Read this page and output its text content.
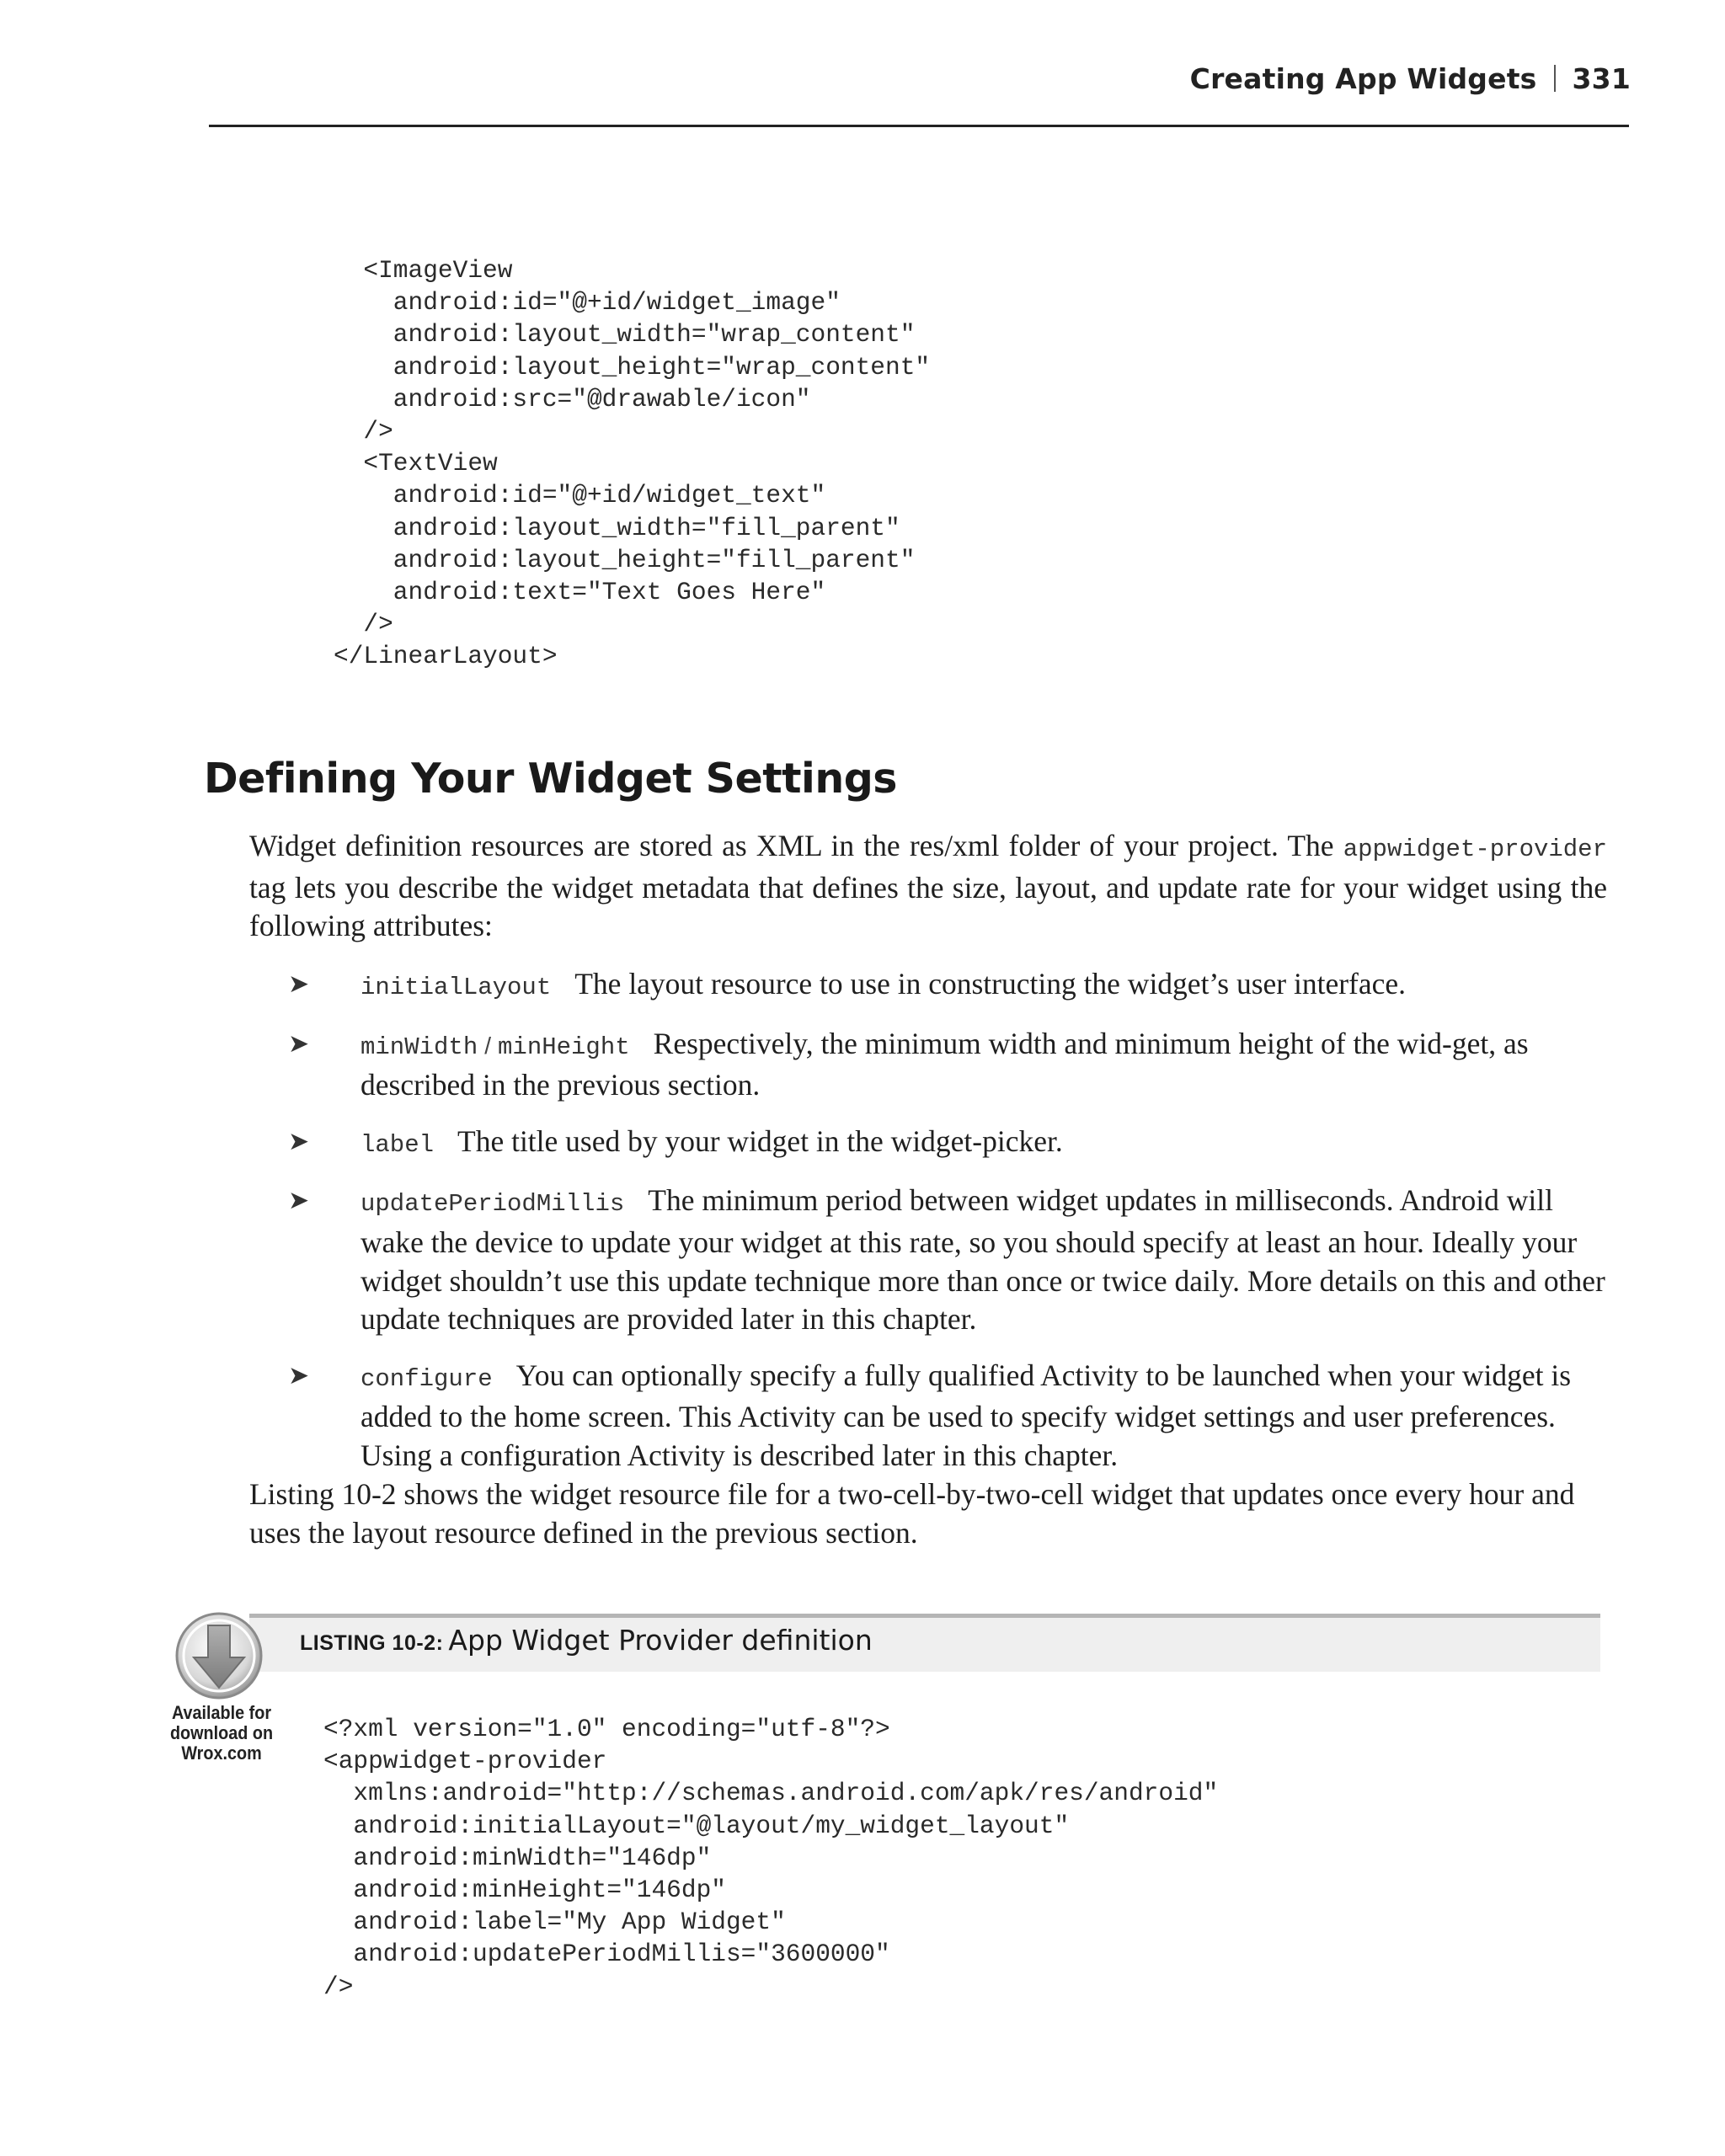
Creating App Widgets 331
<ImageView
android:id="@+id/widget_image"
android:layout_width="wrap_content"
android:layout_height="wrap_content"
android:src="@drawable/icon"
/>
<TextView
android:id="@+id/widget_text"
android:layout_width="fill_parent"
android:layout_height="fill_parent"
android:text="Text Goes Here"
/>
</LinearLayout>
Defining Your Widget Settings

Widget definition resources are stored as XML in the res/xml folder of your project. The appwidget-provider tag lets you describe the widget metadata that defines the size, layout, and update rate for your widget using the following attributes:

➤ initialLayout The layout resource to use in constructing the widget’s user interface.
➤ minWidth / minHeight Respectively, the minimum width and minimum height of the wid-get, as described in the previous section.
➤ label The title used by your widget in the widget-picker.
➤ updatePeriodMillis The minimum period between widget updates in milliseconds. Android will wake the device to update your widget at this rate, so you should specify at least an hour. Ideally your widget shouldn’t use this update technique more than once or twice daily. More details on this and other update techniques are provided later in this chapter.
➤ configure You can optionally specify a fully qualified Activity to be launched when your widget is added to the home screen. This Activity can be used to specify widget settings and user preferences. Using a configuration Activity is described later in this chapter.

Listing 10-2 shows the widget resource file for a two-cell-by-two-cell widget that updates once every hour and uses the layout resource defined in the previous section.

LISTING 10-2: App Widget Provider definition
Available for
download on
Wrox.com
<?xml version="1.0" encoding="utf-8"?>
<appwidget-provider
xmlns:android="http://schemas.android.com/apk/res/android"
android:initialLayout="@layout/my_widget_layout"
android:minWidth="146dp"
android:minHeight="146dp"
android:label="My App Widget"
android:updatePeriodMillis="3600000"
/>
